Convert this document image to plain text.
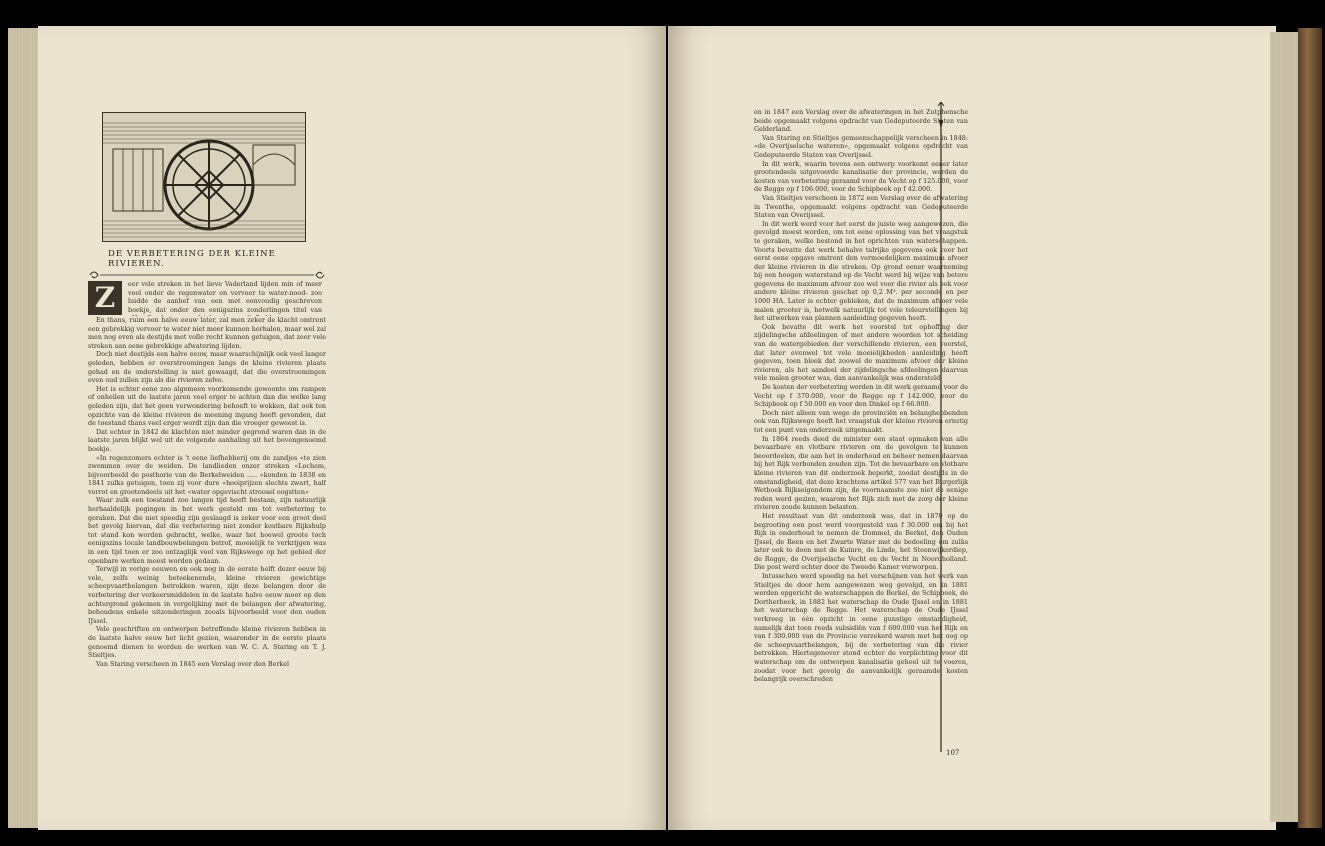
DE VERBETERING DER KLEINE RIVIEREN.
Z	eer vele streken in het lieve Vaderland lijden min of meer veel onder de regenwater en vervoer te water-nood- zoo luidde de aanhef van een met eenvoudig geschreven boekje, dat onder den eenigszins zonderlingen titel van

En thans, ruim een halve eeuw later, zal men zeker de klacht omtrent een gebrekkig vervoer te water niet meer kunnen herhalen, maar wel zal men nog even als destijds met volle recht kunnen getuigen, dat zeer vele streken aan eene gebrekkige afwatering lijden.

Doch niet destijds een halve eeuw, maar waarschijnlijk ook veel langer geleden, hebben er overstroomingen langs de kleine rivieren plaats gehad en de onderstelling is niet gewaagd, dat die overstroomingen even oud zullen zijn als die rivieren zelve.

Het is echter eene zoo algemeen voorkomende gewoonte om rampen of onheilen uit de laatste jaren veel erger te achten dan die welke lang geleden zijn, dat het geen verwondering behoeft te wekken, dat ook ten opzichte van de kleine rivieren de meening ingang heeft gevonden, dat de toestand thans veel erger wordt zijn dan die vroeger geweest is.

Dat echter in 1842 de klachten niet minder gegrond waren dan in de laatste jaren blijkt wel uit de volgende aanhaling uit het bovengenoemd boekje.

«In regenzomers echter is 't eene liefhebberij om de zandjes «te zien zwemmen over de weiden. De landlieden onzer streken «Lochem, bijvoorbeeld de posthorie van de Berkelweiden ..... «konden in 1838 en 1841 zulks getuigen, toen zij voor dure «hooiprijzen slechts zwart, half verrot en grootendeels uit het «water opgevischt stroosel oogstten»

Waar zulk een toestand zoo langen tijd heeft bestaan, zijn natuurlijk herhaaldelijk pogingen in het werk gesteld om tot verbetering te geraken. Dat die niet spoedig zijn geslaagd is zeker voor een groot deel het gevolg hiervan, dat die verbetering niet zonder kostbare Rijkshulp tot stand kon worden gebracht, welke, waar het hoewel groote toch eenigszins locale landbouwbelangen betrof, moeielijk te verkrijgen was in een tijd toen er zoo ontzaglijk veel van Rijkswege op het gebied der openbare werken moest worden gedaan.

Terwijl in vorige eeuwen en ook nog in de eerste helft dezer eeuw bij vele, zelfs weinig beteekenende, kleine rivieren gewichtige scheepvaartbelangen betrokken waren, zijn deze belangen door de verbetering der verkeersmiddelen in de laatste halve eeuw meer op den achtergrond gekomen in vergelijking met de belangen der afwatering, behoudens enkele uitzonderingen zooals bijvoorbeeld voor den ouden IJssel.

Vele geschriften en ontwerpen betreffende kleine rivieren hebben in de laatste halve eeuw het licht gezien, waaronder in de eerste plaats genoemd dienen te worden de werken van W. C. A. Staring en T. J. Stieltjes.

Van Staring verscheen in 1845 een Verslag over den Berkel

en in 1847 een Verslag over de afwateringen in het Zutphensche beide opgemaakt volgens opdracht van Gedeputeerde Staten van Gelderland.

Van Staring en Stieltjes gemeenschappelijk verscheen in 1848: «de Overijselsche wateren», opgemaakt volgens opdracht van Gedeputeerde Staten van Overijssel.

In dit werk, waarin tevens een ontwerp voorkomt eener later grootendeels uitgevoerde kanalisatie der provincie, werden de kosten van verbetering geraamd voor de Vecht op f 125.000, voor de Regge op f 106.000, voor de Schipbeek op f 42.000.

Van Stieltjes verscheen in 1872 een Verslag over de afwatering in Twenthe, opgemaakt volgens opdracht van Gedeputeerde Staten van Overijssel.

In dit werk werd voor het eerst de juiste weg aangewezen, die gevolgd moest worden, om tot eene oplossing van het vraagstuk te geraken, welke bestond in het oprichten van waterschappen. Voorts bevatte dat werk behalve talrijke gegevens ook voor het eerst eene opgave omtrent den vermoedelijken maximum afvoer der kleine rivieren in die streken. Op grond eener waarneming bij een hoogen waterstand op de Vecht werd bij wijze van betere gegevens de maximum afvoer zoo wel voor die rivier als ook voor andere kleine rivieren geschat op 0,2 M³. per seconde en per 1000 HA. Later is echter gebleken, dat de maximum afvoer vele malen grooter is, hetwelk natuurlijk tot vele teleurstellingen bij het uitwerken van plannen aanleiding gegeven heeft.

Ook bevatte dit werk het voorstel tot ophoffing der zijdelingsche afdeelingen of met andere woorden tot scheiding van de watergebieden der verschillende rivieren, een voorstel, dat later evenwel tot vele moeielijkheden aanleiding heeft gegeven, toen bleek dat zoowel de maximum afvoer der kleine rivieren, als het aandeel der zijdelingsche afdeelingen daarvan vele malen grooter was, dan aanvankelijk was ondersteld.

De kosten der verbetering werden in dit werk geraamd voor de Vecht op f 370.000, voor de Regge op f 142.000, voor de Schipbeek op f 50.000 en voor den Dinkel op f 66.000.

Doch niet alleen van wege de provinciën en belanghebbenden ook van Rijkswege heeft het vraagstuk der kleine rivieren ernstig tot een punt van onderzoek uitgemaakt.

In 1864 reeds deed de minister een staat opmaken van alle bevaarbare en vlotbare rivieren om de gevolgen te kunnen beoordeelen, die aan het in onderhoud en beheer nemen daarvan bij het Rijk verbonden zouden zijn. Tot de bevaarbare en vlotbare kleine rivieren van dit onderzoek beperkt, zoodat destijds in de omstandigheid, dat deze krachtens artikel 577 van het Burgerlijk Wetboek Rijkseigendom zijn, de voornaamste zoo niet de eenige reden werd gezien, waarom het Rijk zich met de zorg der kleine rivieren zoude kunnen belasten.

Het resultaat van dit onderzoek was, dat in 1870 op de begrooting een post werd voorgesteld van f 30.000 om bij het Rijk in onderhoud te nemen de Dommel, de Berkel, den Ouden IJssel, de Reen en het Zwarte Water met de bedoeling om zulks later ook te doen met de Kuinre, de Linde, het Steenwijkerdiep, de Regge, de Overijselsche Vecht en de Vecht in Noordholland. Die post werd echter door de Tweede Kamer verworpen.

Intusschen werd spoedig na het verschijnen van het werk van Stieltjes de door hem aangewezen weg gevolgd, en in 1881 werden opgericht de waterschappen de Berkel, de Schipbeek, de Dortherbeek, in 1882 het waterschap de Oude IJssel en in 1881 het waterschap de Regge. Het waterschap de Oude IJssel verkreeg in één opzicht in eene gunstige omstandigheid, namelijk dat toen reeds subsidiën van f 600.000 van het Rijk en van f 300.000 van de Provincie verzekerd waren met het oog op de scheepvaartbelangen, bij de verbetering van die rivier betrokken. Hiertegenover stond echter de verplichting voor dit waterschap om de ontworpen kanalisatie geheel uit te voeren, zoodat voor het gevolg de aanvankelijk geraamde kosten belangrijk overschreden

107
